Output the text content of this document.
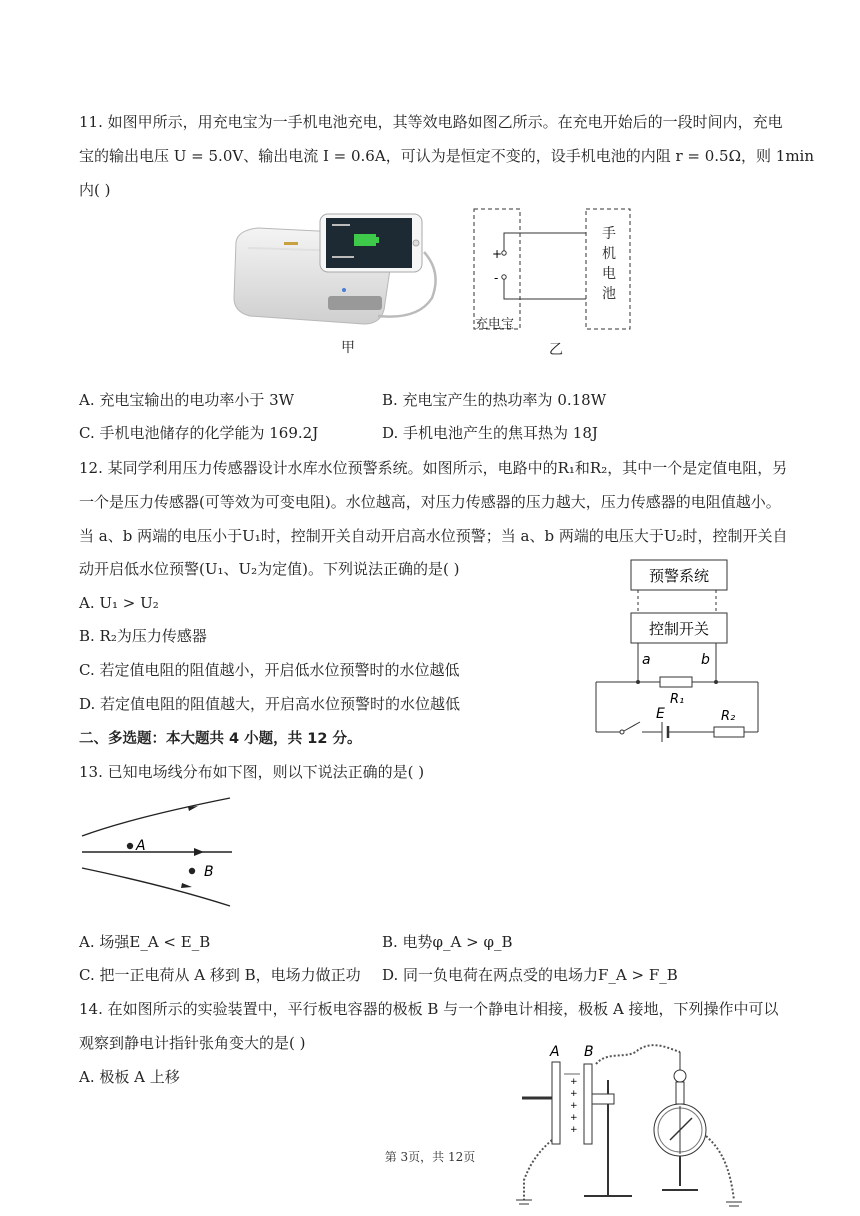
11. 如图甲所示，用充电宝为一手机电池充电，其等效电路如图乙所示。在充电开始后的一段时间内，充电
宝的输出电压 U = 5.0V、输出电流 I = 0.6A，可认为是恒定不变的，设手机电池的内阻 r = 0.5Ω，则 1min
内( )
甲
+
-
手机电池
充电宝
乙
A. 充电宝输出的电功率小于 3W	B. 充电宝产生的热功率为 0.18W
C. 手机电池储存的化学能为 169.2J	D. 手机电池产生的焦耳热为 18J
12. 某同学利用压力传感器设计水库水位预警系统。如图所示，电路中的R₁和R₂，其中一个是定值电阻，另
一个是压力传感器(可等效为可变电阻)。水位越高，对压力传感器的压力越大，压力传感器的电阻值越小。
当 a、b 两端的电压小于U₁时，控制开关自动开启高水位预警；当 a、b 两端的电压大于U₂时，控制开关自
动开启低水位预警(U₁、U₂为定值)。下列说法正确的是( )
A. U₁ > U₂
B. R₂为压力传感器
C. 若定值电阻的阻值越小，开启低水位预警时的水位越低
D. 若定值电阻的阻值越大，开启高水位预警时的水位越低
预警系统
控制开关
a	b
R₁
E	R₂
二、多选题：本大题共 4 小题，共 12 分。
13. 已知电场线分布如下图，则以下说法正确的是( )
A
B
A. 场强E_A < E_B	B. 电势φ_A > φ_B
C. 把一正电荷从 A 移到 B，电场力做正功 D. 同一负电荷在两点受的电场力F_A > F_B
14. 在如图所示的实验装置中，平行板电容器的极板 B 与一个静电计相接，极板 A 接地，下列操作中可以
观察到静电计指针张角变大的是( )
A. 极板 A 上移
A B
+
+
+
+
+
第 3页，共 12页
